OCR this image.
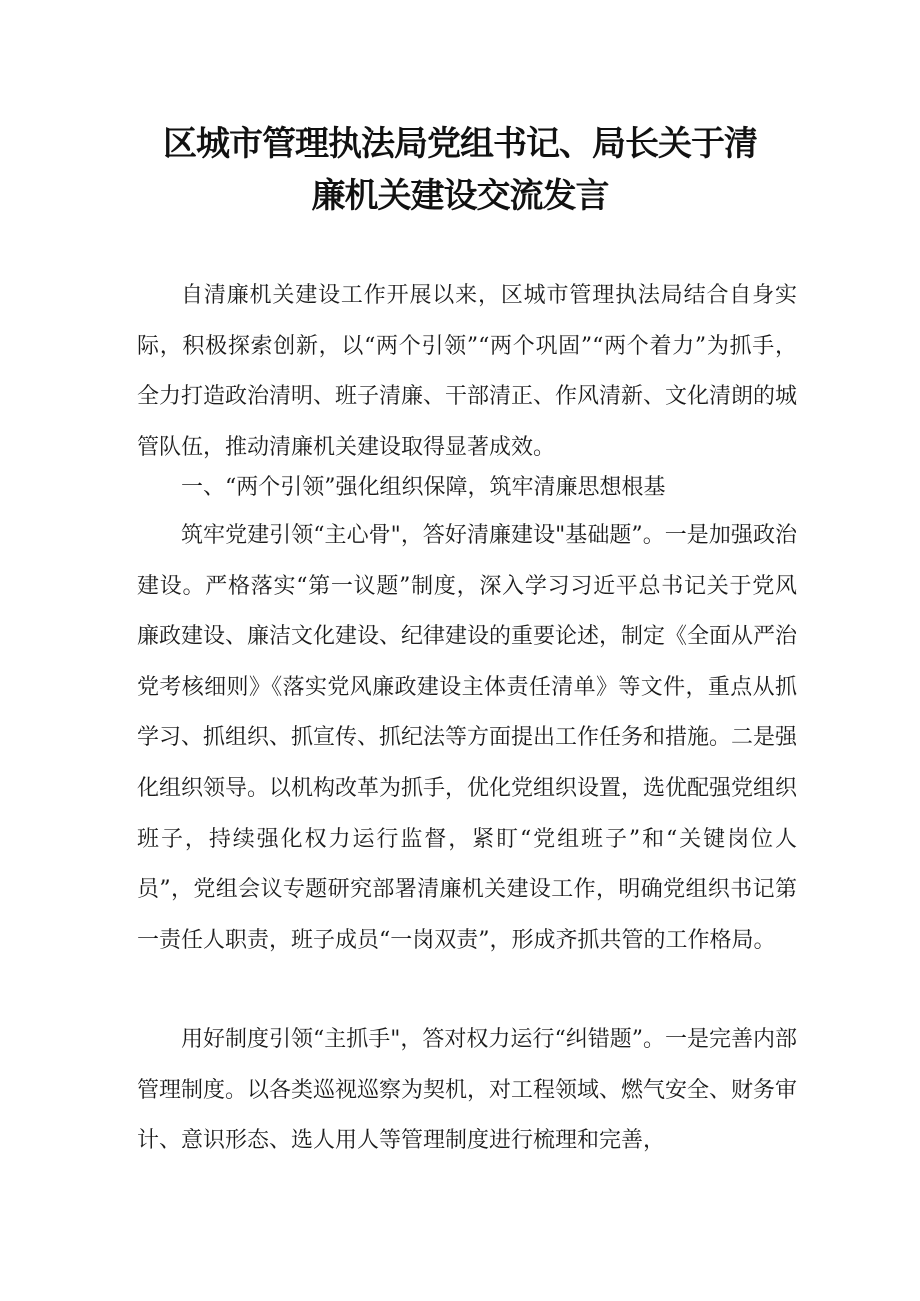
区城市管理执法局党组书记、局长关于清
廉机关建设交流发言

自清廉机关建设工作开展以来，区城市管理执法局结合自身实际，积极探索创新，以“两个引领”“两个巩固”“两个着力”为抓手，全力打造政治清明、班子清廉、干部清正、作风清新、文化清朗的城管队伍，推动清廉机关建设取得显著成效。

一、“两个引领”强化组织保障，筑牢清廉思想根基

筑牢党建引领“主心骨"，答好清廉建设"基础题”。一是加强政治建设。严格落实“第一议题”制度，深入学习习近平总书记关于党风廉政建设、廉洁文化建设、纪律建设的重要论述，制定《全面从严治党考核细则》《落实党风廉政建设主体责任清单》等文件，重点从抓学习、抓组织、抓宣传、抓纪法等方面提出工作任务和措施。二是强化组织领导。以机构改革为抓手，优化党组织设置，选优配强党组织班子，持续强化权力运行监督，紧盯“党组班子”和“关键岗位人员”，党组会议专题研究部署清廉机关建设工作，明确党组织书记第一责任人职责，班子成员“一岗双责”，形成齐抓共管的工作格局。

用好制度引领“主抓手"，答对权力运行“纠错题”。一是完善内部管理制度。以各类巡视巡察为契机，对工程领域、燃气安全、财务审计、意识形态、选人用人等管理制度进行梳理和完善，
